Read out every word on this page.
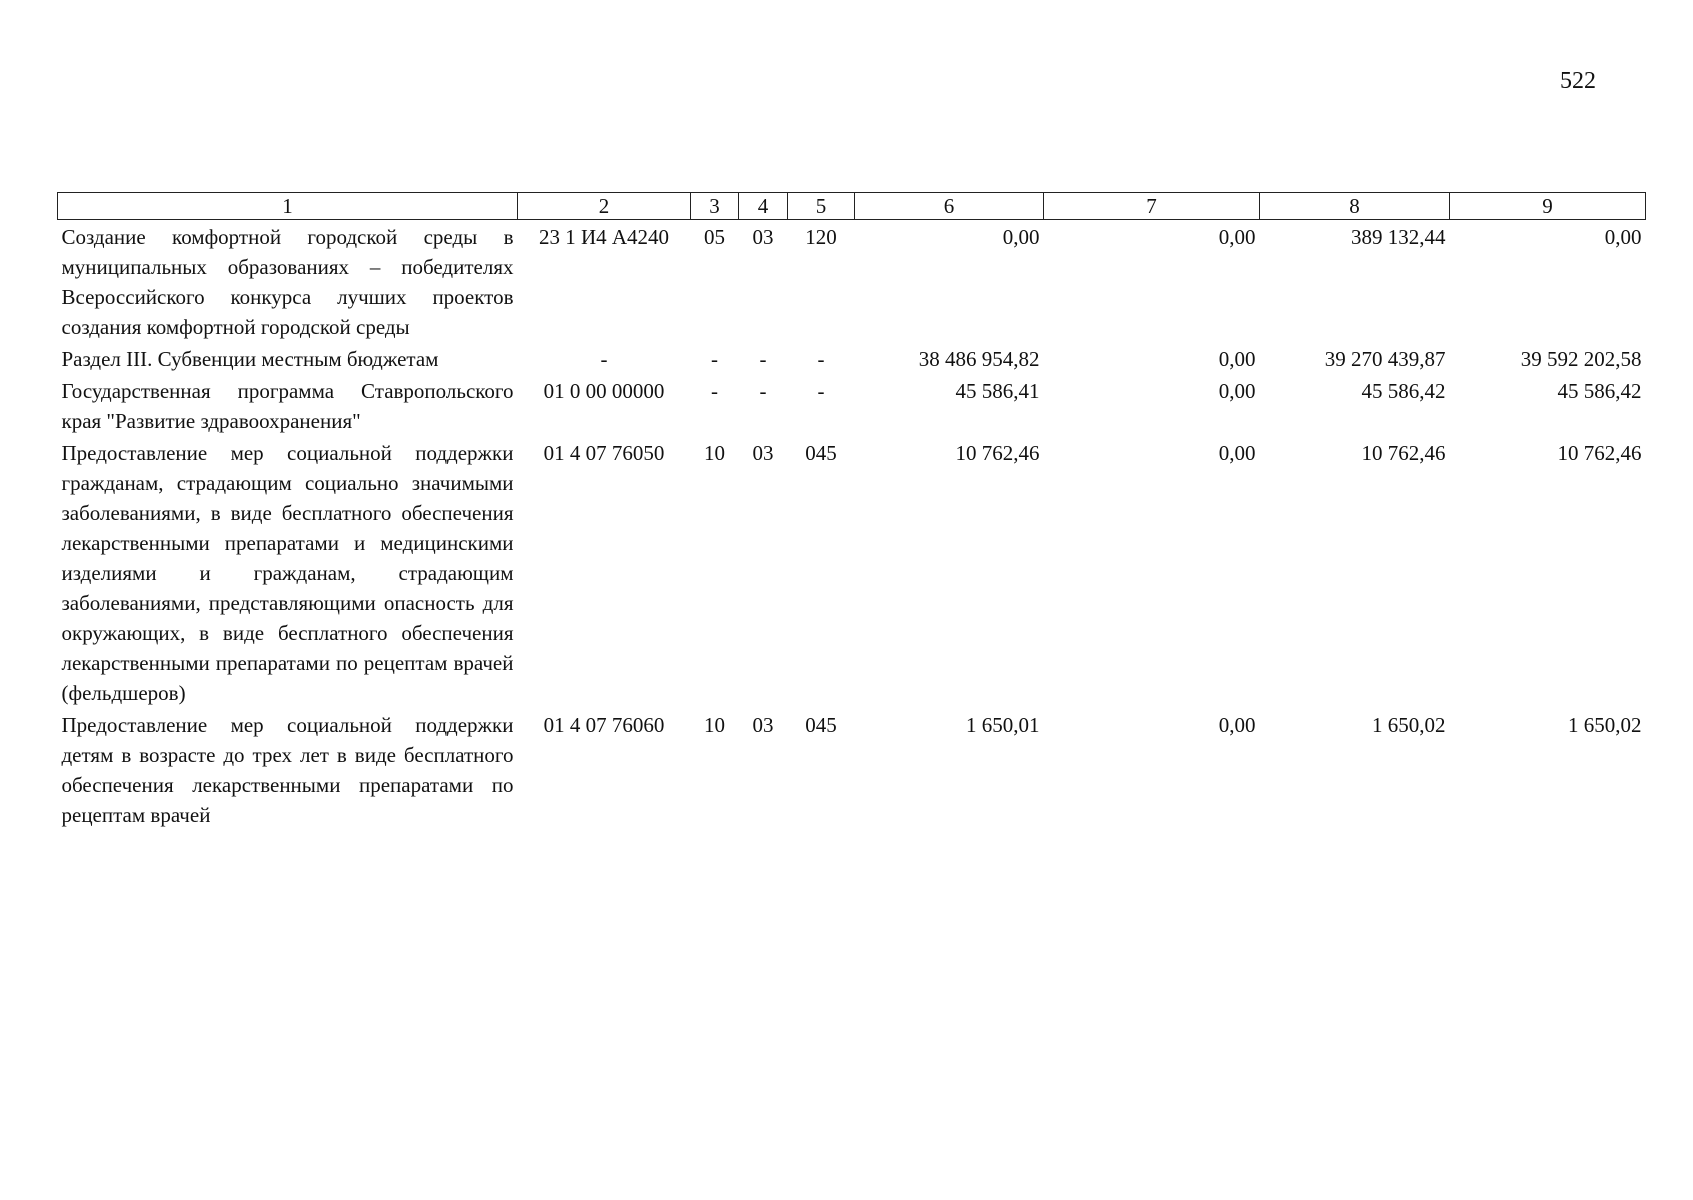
522
1	2	3	4	5	6	7	8	9
Создание комфортной городской среды в муниципальных образованиях – победителях Всероссийского конкурса лучших проектов создания комфортной городской среды	23 1 И4 А4240	05	03	120	0,00	0,00	389 132,44	0,00
Раздел III. Субвенции местным бюджетам	-	-	-	-	38 486 954,82	0,00	39 270 439,87	39 592 202,58
Государственная программа Ставропольского края "Развитие здравоохранения"	01 0 00 00000	-	-	-	45 586,41	0,00	45 586,42	45 586,42
Предоставление мер социальной поддержки гражданам, страдающим социально значимыми заболеваниями, в виде бесплатного обеспечения лекарственными препаратами и медицинскими изделиями и гражданам, страдающим заболеваниями, представляющими опасность для окружающих, в виде бесплатного обеспечения лекарственными препаратами по рецептам врачей (фельдшеров)	01 4 07 76050	10	03	045	10 762,46	0,00	10 762,46	10 762,46
Предоставление мер социальной поддержки детям в возрасте до трех лет в виде бесплатного обеспечения лекарственными препаратами по рецептам врачей	01 4 07 76060	10	03	045	1 650,01	0,00	1 650,02	1 650,02
